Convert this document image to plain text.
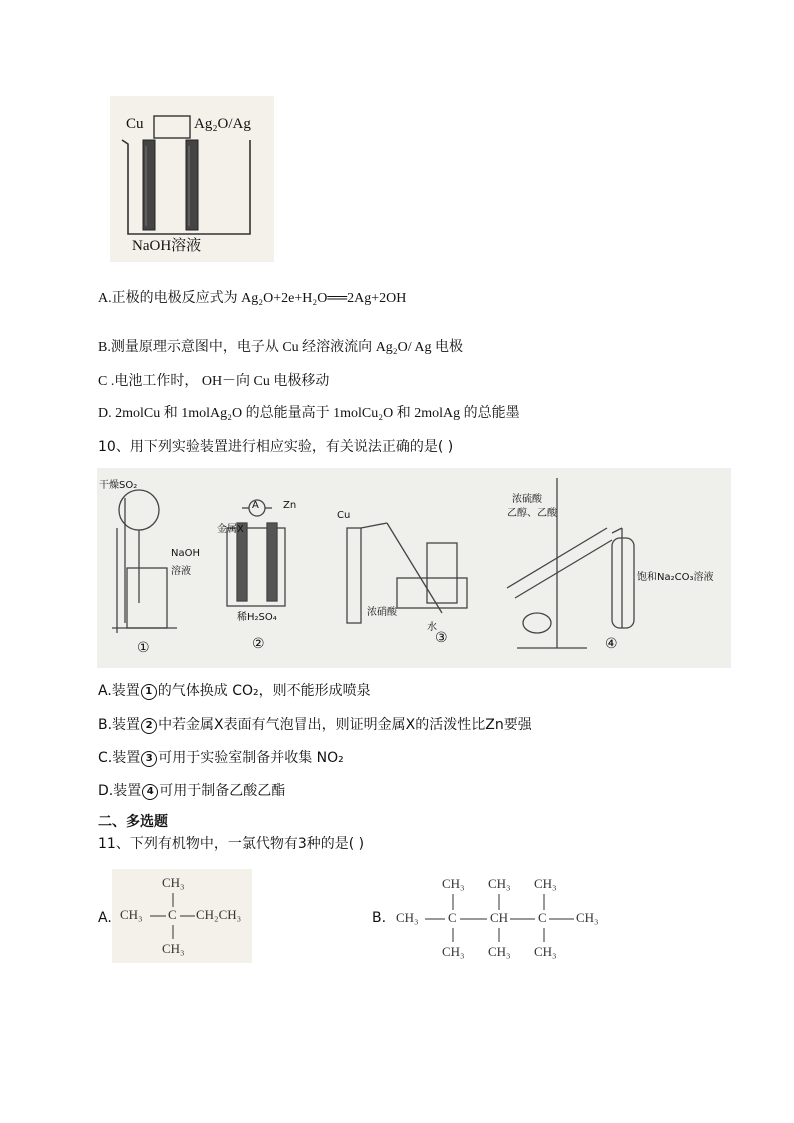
Cu	Ag₂O/Ag
NaOH溶液
A.正极的电极反应式为 Ag₂O+2e+H₂O══2Ag+2OH
B.测量原理示意图中，电子从 Cu 经溶液流向 Ag₂O/ Ag 电极
C .电池工作时， OH－向 Cu 电极移动
D. 2molCu 和 1molAg₂O 的总能量高于 1molCu₂O 和 2molAg 的总能墨
10、用下列实验装置进行相应实验，有关说法正确的是( )
干燥SO₂
NaOH
溶液
A
金属X
Zn
稀H₂SO₄
Cu
浓硝酸
水
浓硫酸
乙醇、乙酸
饱和Na₂CO₃溶液
①	②	③	④
A.装置 1 的气体换成 CO₂，则不能形成喷泉
B.装置 2 中若金属X表面有气泡冒出，则证明金属X的活泼性比Zn要强
C.装置 3 可用于实验室制备并收集 NO₂
D.装置 4 可用于制备乙酸乙酯
二、多选题
11、下列有机物中，一氯代物有3种的是( )
A.
CH₃
CH₃ C CH₂CH₃
CH₃
B.
CH₃ CH₃ CH₃
CH₃ C	CH C CH₃
CH₃ CH₃ CH₃
